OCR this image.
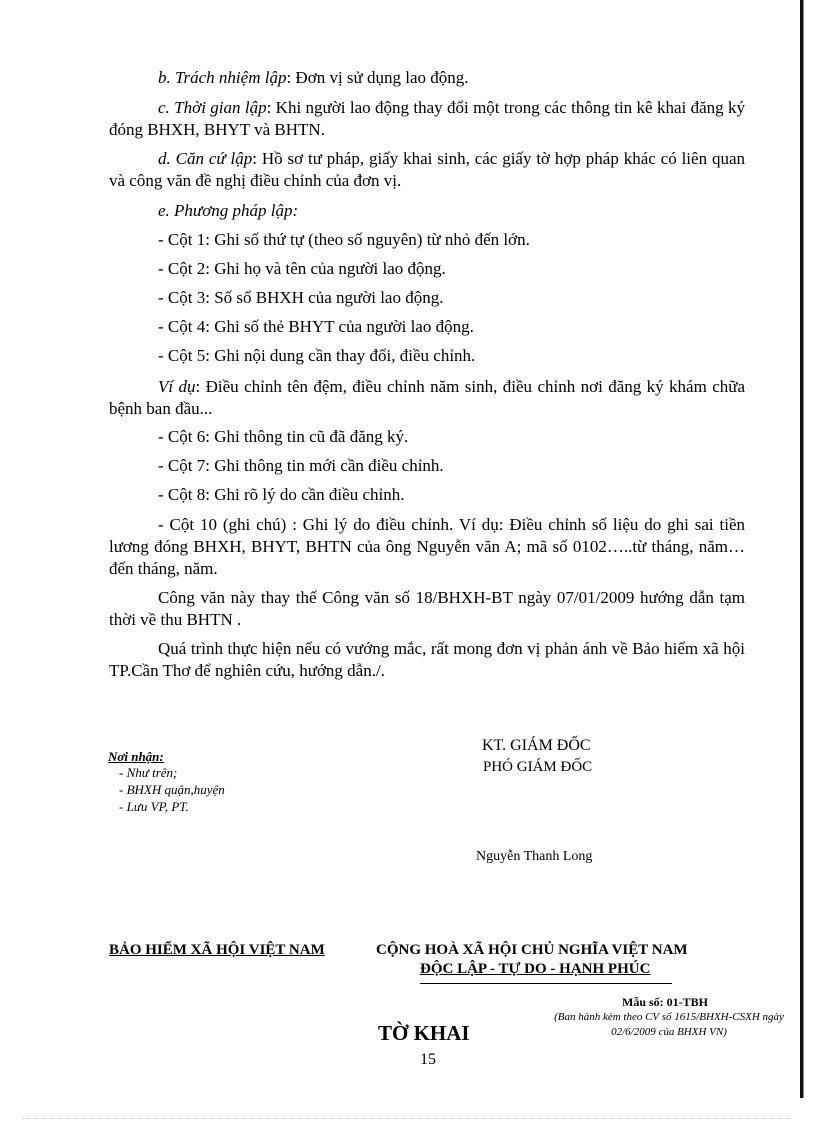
b. Trách nhiệm lập: Đơn vị sử dụng lao động.
c. Thời gian lập: Khi người lao động thay đổi một trong các thông tin kê khai đăng ký đóng BHXH, BHYT và BHTN.
d. Căn cứ lập: Hồ sơ tư pháp, giấy khai sinh, các giấy tờ hợp pháp khác có liên quan và công văn đề nghị điều chỉnh của đơn vị.
e. Phương pháp lập:
- Cột 1: Ghi số thứ tự (theo số nguyên) từ nhỏ đến lớn.
- Cột 2: Ghi họ và tên của người lao động.
- Cột 3: Số sổ BHXH của người lao động.
- Cột 4: Ghi số thẻ BHYT của người lao động.
- Cột 5: Ghi nội dung cần thay đổi, điều chỉnh.
Ví dụ: Điều chỉnh tên đệm, điều chỉnh năm sinh, điều chỉnh nơi đăng ký khám chữa bệnh ban đầu...
- Cột 6: Ghi thông tin cũ đã đăng ký.
- Cột 7: Ghi thông tin mới cần điều chỉnh.
- Cột 8: Ghi rõ lý do cần điều chỉnh.
- Cột 10 (ghi chú) : Ghi lý do điều chỉnh. Ví dụ: Điều chỉnh số liệu do ghi sai tiền lương đóng BHXH, BHYT, BHTN của ông Nguyễn văn A; mã số 0102…..từ tháng, năm… đến tháng, năm.
Công văn này thay thế Công văn số 18/BHXH-BT ngày 07/01/2009 hướng dẫn tạm thời về thu BHTN .
Quá trình thực hiện nếu có vướng mắc, rất mong đơn vị phản ánh về Bảo hiểm xã hội TP.Cần Thơ để nghiên cứu, hướng dẫn./.
Nơi nhận:
- Như trên;
- BHXH quận,huyện
- Lưu VP, PT.
KT. GIÁM ĐỐC
PHÓ GIÁM ĐỐC
Nguyễn Thanh Long
BẢO HIỂM XÃ HỘI VIỆT NAM	CỘNG HOÀ XÃ HỘI CHỦ NGHĨA VIỆT NAM
ĐỘC LẬP - TỰ DO - HẠNH PHÚC
Mẫu số: 01-TBH
(Ban hành kèm theo CV số 1615/BHXH-CSXH ngày 02/6/2009 của BHXH VN)
TỜ KHAI
15
